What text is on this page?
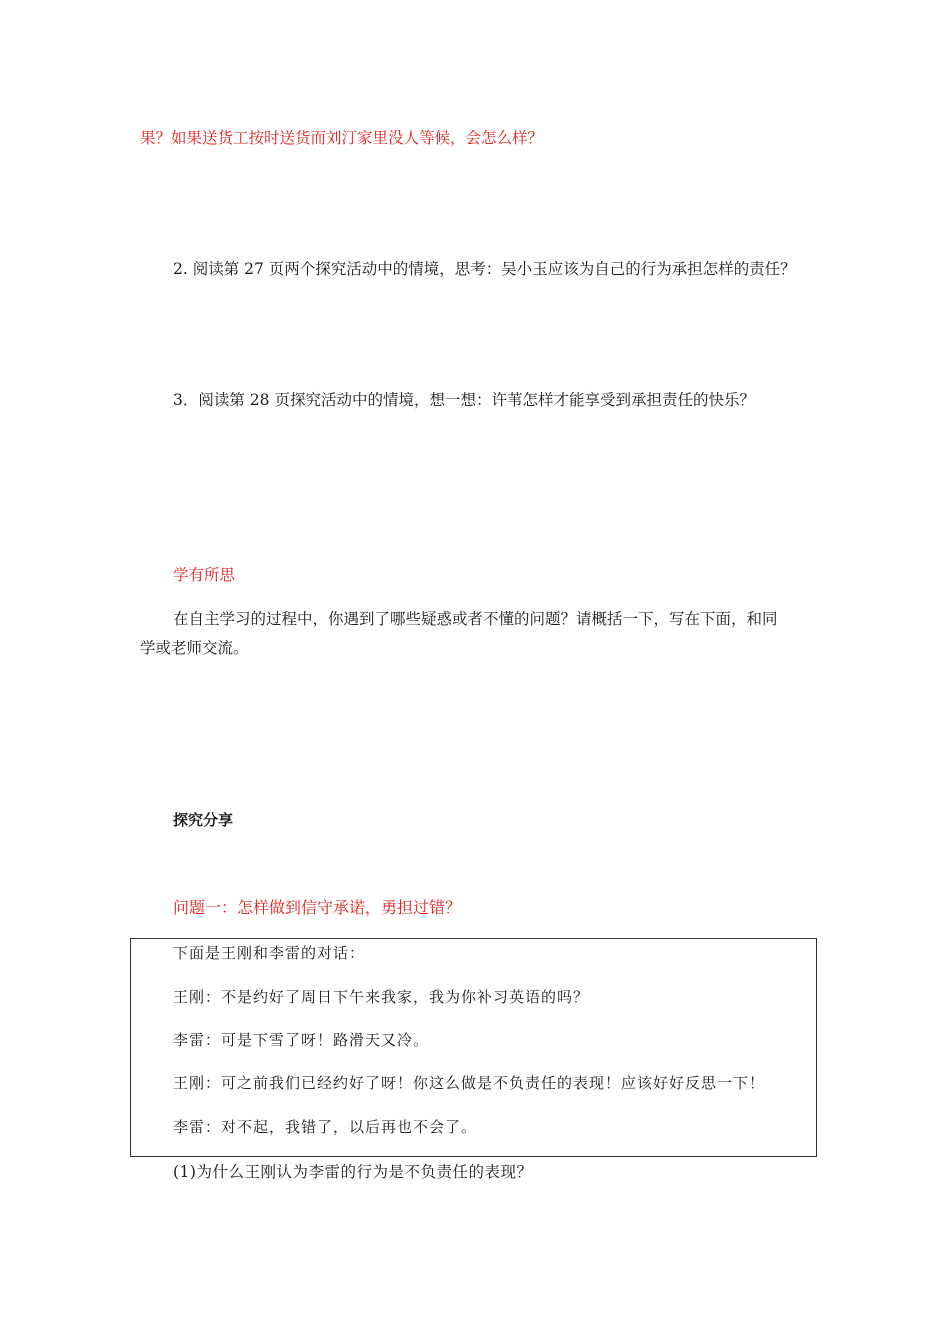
果？如果送货工按时送货而刘汀家里没人等候，会怎么样？
2. 阅读第 27 页两个探究活动中的情境，思考：吴小玉应该为自己的行为承担怎样的责任？
3．阅读第 28 页探究活动中的情境，想一想：许苇怎样才能享受到承担责任的快乐？
学有所思
在自主学习的过程中，你遇到了哪些疑惑或者不懂的问题？请概括一下，写在下面，和同
学或老师交流。
探究分享
问题一：怎样做到信守承诺，勇担过错？
下面是王刚和李雷的对话：
王刚：不是约好了周日下午来我家，我为你补习英语的吗？
李雷：可是下雪了呀！路滑天又冷。
王刚：可之前我们已经约好了呀！你这么做是不负责任的表现！应该好好反思一下！
李雷：对不起，我错了，以后再也不会了。
(1)为什么王刚认为李雷的行为是不负责任的表现？
